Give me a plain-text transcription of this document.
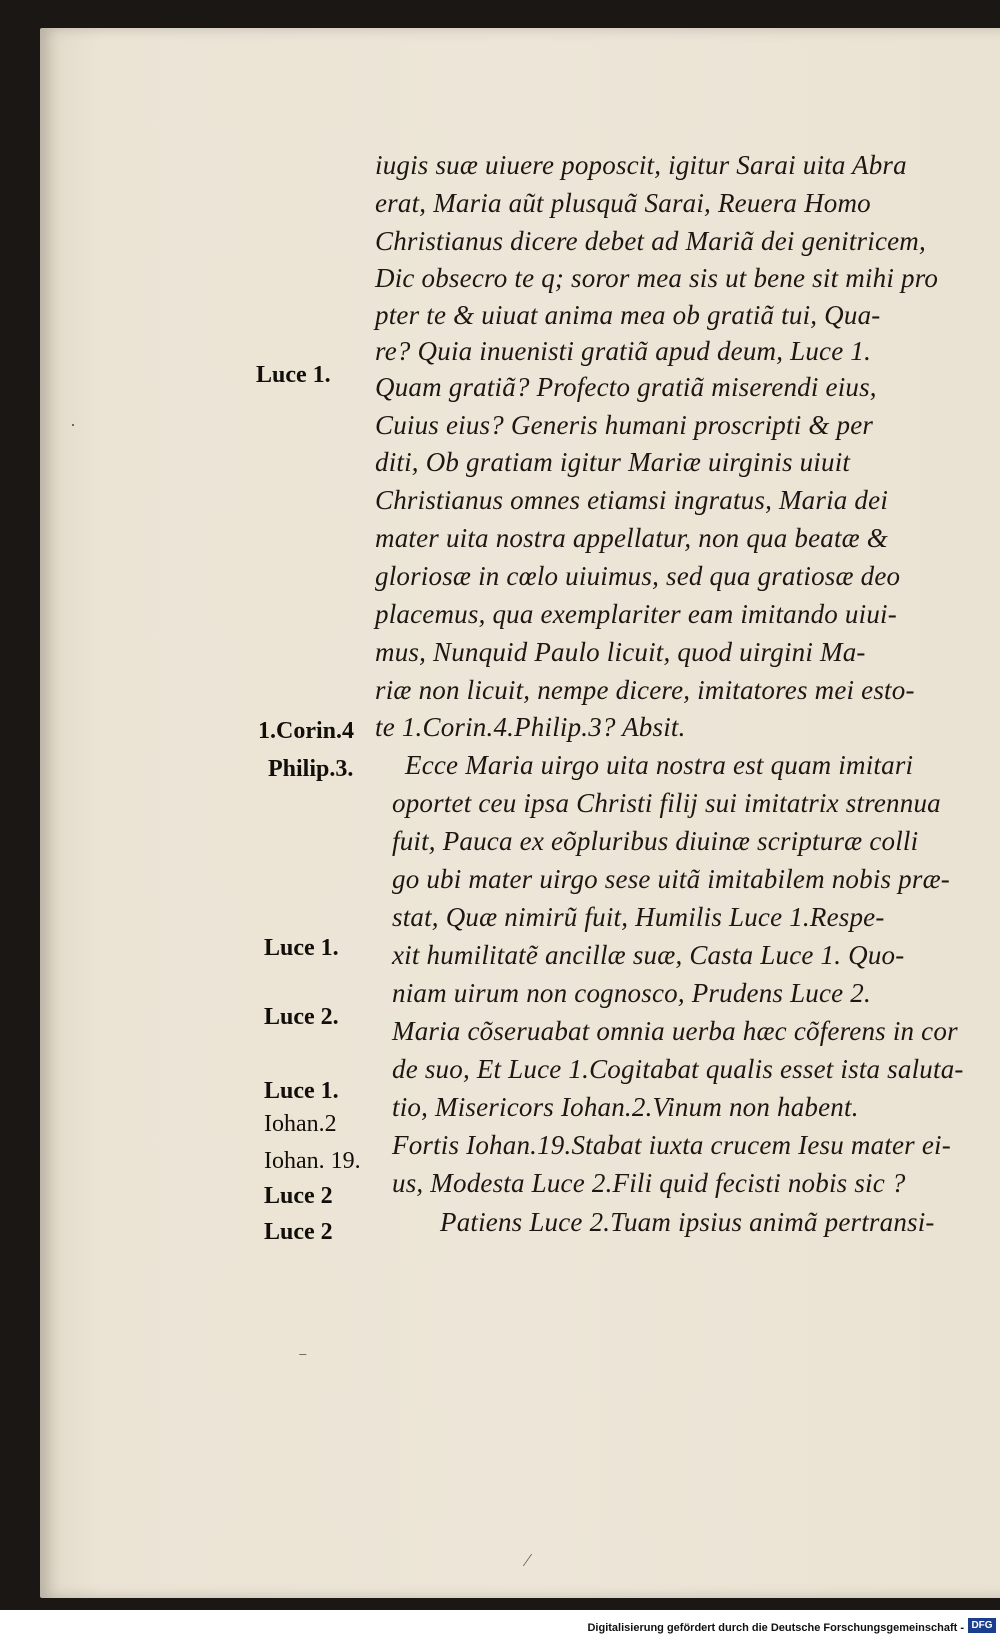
iugis suæ uiuere poposcit, igitur Sarai uita Abra
erat, Maria aũt plusquã Sarai, Reuera Homo
Christianus dicere debet ad Mariã dei genitricem,
Dic obsecro te q; soror mea sis ut bene sit mihi pro
pter te & uiuat anima mea ob gratiã tui, Qua-
re? Quia inuenisti gratiã apud deum, Luce 1.
Quam gratiã? Profecto gratiã miserendi eius,
Cuius eius? Generis humani proscripti & per
diti, Ob gratiam igitur Mariæ uirginis uiuit
Christianus omnes etiamsi ingratus, Maria dei
mater uita nostra appellatur, non qua beatæ &
gloriosæ in cœlo uiuimus, sed qua gratiosæ deo
placemus, qua exemplariter eam imitando uiui-
mus, Nunquid Paulo licuit, quod uirgini Ma-
riæ non licuit, nempe dicere, imitatores mei esto-
te 1.Corin.4.Philip.3? Absit.
Ecce Maria uirgo uita nostra est quam imitari
oportet ceu ipsa Christi filij sui imitatrix strennua
fuit, Pauca ex eõpluribus diuinæ scripturæ colli
go ubi mater uirgo sese uitã imitabilem nobis præ-
stat, Quæ nimirũ fuit, Humilis Luce 1.Respe-
xit humilitatẽ ancillæ suæ, Casta Luce 1. Quo-
niam uirum non cognosco, Prudens Luce 2.
Maria cõseruabat omnia uerba hæc cõferens in cor
de suo, Et Luce 1.Cogitabat qualis esset ista saluta-
tio, Misericors Iohan.2.Vinum non habent.
Fortis Iohan.19.Stabat iuxta crucem Iesu mater ei-
us, Modesta Luce 2.Fili quid fecisti nobis sic ?
Patiens Luce 2.Tuam ipsius animã pertransi-
Luce 1.
1.Corin.4
Philip.3.
Luce 1.
Luce 2.
Luce 1.
Iohan.2
Iohan. 19.
Luce 2
Luce 2
·
⁻
⁄
Digitalisierung gefördert durch die Deutsche Forschungsgemeinschaft - DFG
